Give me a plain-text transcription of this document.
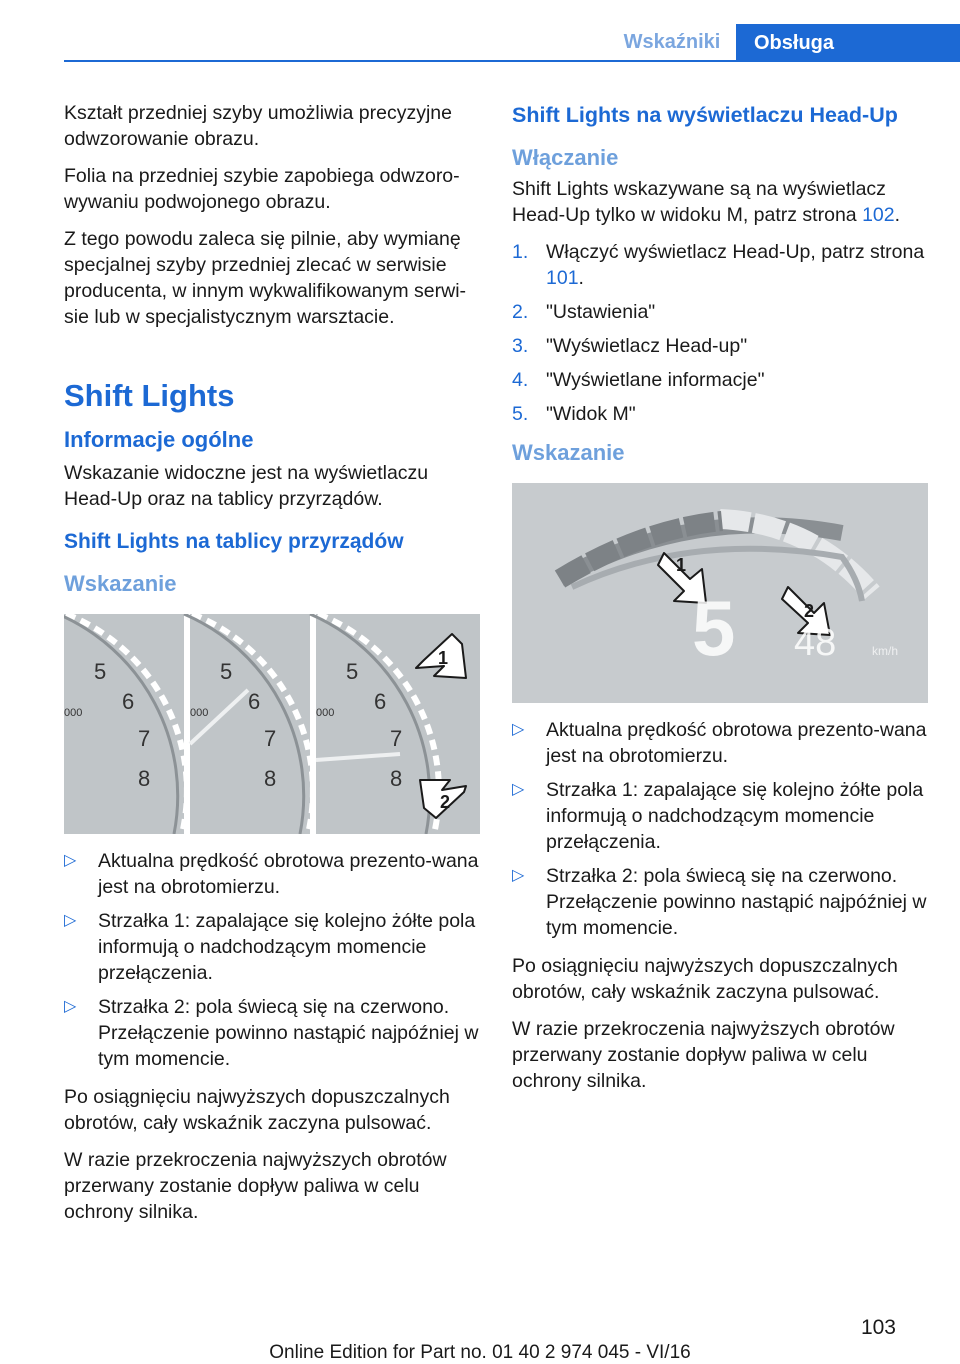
Wskaźniki	Obsługa

Kształt przedniej szyby umożliwia precyzyjne odwzorowanie obrazu.

Folia na przedniej szybie zapobiega odwzoro-wywaniu podwojonego obrazu.

Z tego powodu zaleca się pilnie, aby wymianę specjalnej szyby przedniej zlecać w serwisie producenta, w innym wykwalifikowanym serwi-sie lub w specjalistycznym warsztacie.

Shift Lights
Informacje ogólne

Wskazanie widoczne jest na wyświetlaczu Head-Up oraz na tablicy przyrządów.

Shift Lights na tablicy przyrządów
Wskazanie
5
6
7
8
000
5
6
7
8
000
5
6
7
8
000
1
2
▷ Aktualna prędkość obrotowa prezento-wana jest na obrotomierzu.
▷ Strzałka 1: zapalające się kolejno żółte pola informują o nadchodzącym momencie przełączenia.
▷ Strzałka 2: pola świecą się na czerwono. Przełączenie powinno nastąpić najpóźniej w tym momencie.

Po osiągnięciu najwyższych dopuszczalnych obrotów, cały wskaźnik zaczyna pulsować.

W razie przekroczenia najwyższych obrotów przerwany zostanie dopływ paliwa w celu ochrony silnika.

Shift Lights na wyświetlaczu Head-Up
Włączanie

Shift Lights wskazywane są na wyświetlacz Head-Up tylko w widoku M, patrz strona 102.

1. Włączyć wyświetlacz Head-Up, patrz strona 101.
2. "Ustawienia"
3. "Wyświetlacz Head-up"
4. "Wyświetlane informacje"
5. "Widok M"
Wskazanie
1
2
5 48	km/h
▷ Aktualna prędkość obrotowa prezento-wana jest na obrotomierzu.
▷ Strzałka 1: zapalające się kolejno żółte pola informują o nadchodzącym momencie przełączenia.
▷ Strzałka 2: pola świecą się na czerwono. Przełączenie powinno nastąpić najpóźniej w tym momencie.

Po osiągnięciu najwyższych dopuszczalnych obrotów, cały wskaźnik zaczyna pulsować.

W razie przekroczenia najwyższych obrotów przerwany zostanie dopływ paliwa w celu ochrony silnika.

103
Online Edition for Part no. 01 40 2 974 045 - VI/16
